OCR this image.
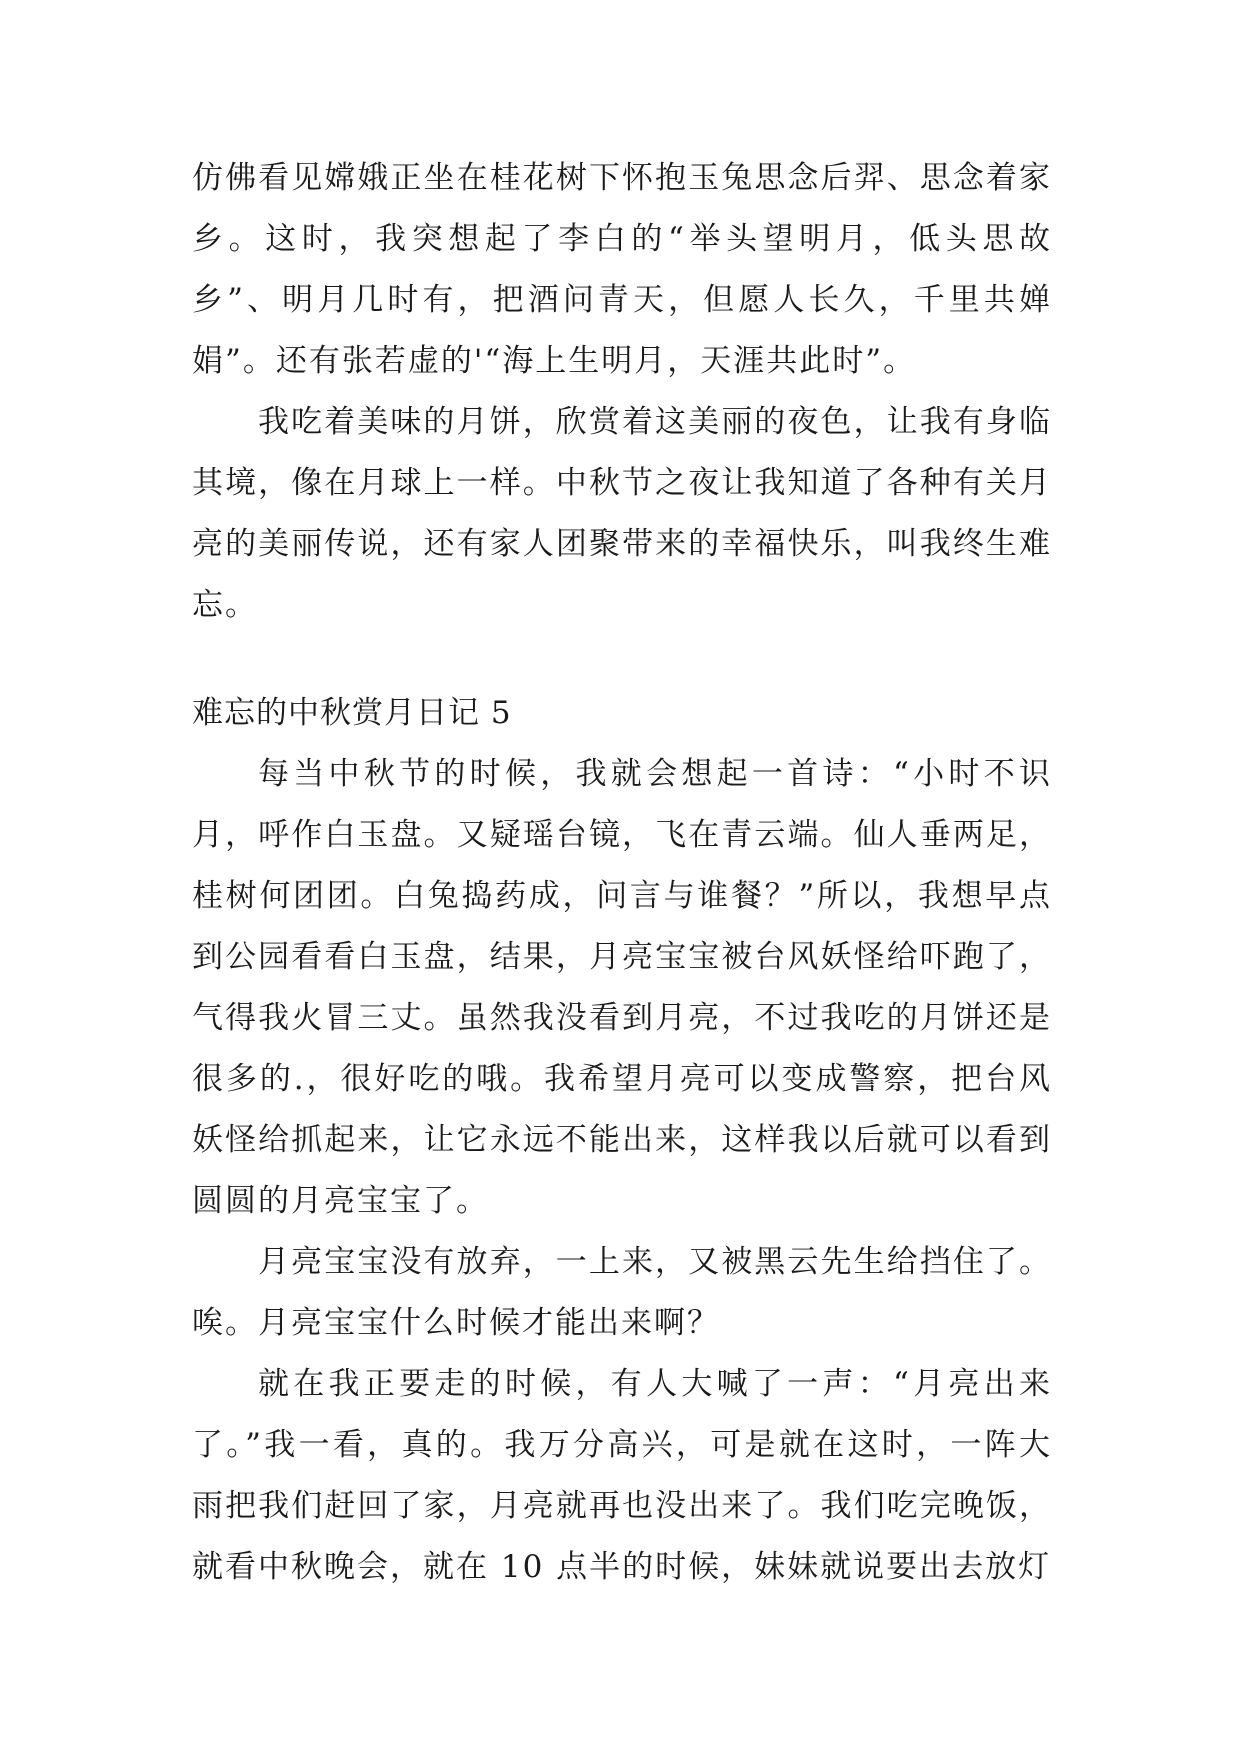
仿佛看见嫦娥正坐在桂花树下怀抱玉兔思念后羿、思念着家乡。这时，我突想起了李白的“举头望明月，低头思故乡”、明月几时有，把酒问青天，但愿人长久，千里共婵娟”。还有张若虚的'“海上生明月，天涯共此时”。

我吃着美味的月饼，欣赏着这美丽的夜色，让我有身临其境，像在月球上一样。中秋节之夜让我知道了各种有关月亮的美丽传说，还有家人团聚带来的幸福快乐，叫我终生难忘。

难忘的中秋赏月日记 5

每当中秋节的时候，我就会想起一首诗：“小时不识月，呼作白玉盘。又疑瑶台镜，飞在青云端。仙人垂两足，桂树何团团。白兔捣药成，问言与谁餐？”所以，我想早点到公园看看白玉盘，结果，月亮宝宝被台风妖怪给吓跑了，气得我火冒三丈。虽然我没看到月亮，不过我吃的月饼还是很多的.，很好吃的哦。我希望月亮可以变成警察，把台风妖怪给抓起来，让它永远不能出来，这样我以后就可以看到圆圆的月亮宝宝了。

月亮宝宝没有放弃，一上来，又被黑云先生给挡住了。唉。月亮宝宝什么时候才能出来啊？

就在我正要走的时候，有人大喊了一声：“月亮出来了。”我一看，真的。我万分高兴，可是就在这时，一阵大雨把我们赶回了家，月亮就再也没出来了。我们吃完晚饭，就看中秋晚会，就在 10 点半的时候，妹妹就说要出去放灯
